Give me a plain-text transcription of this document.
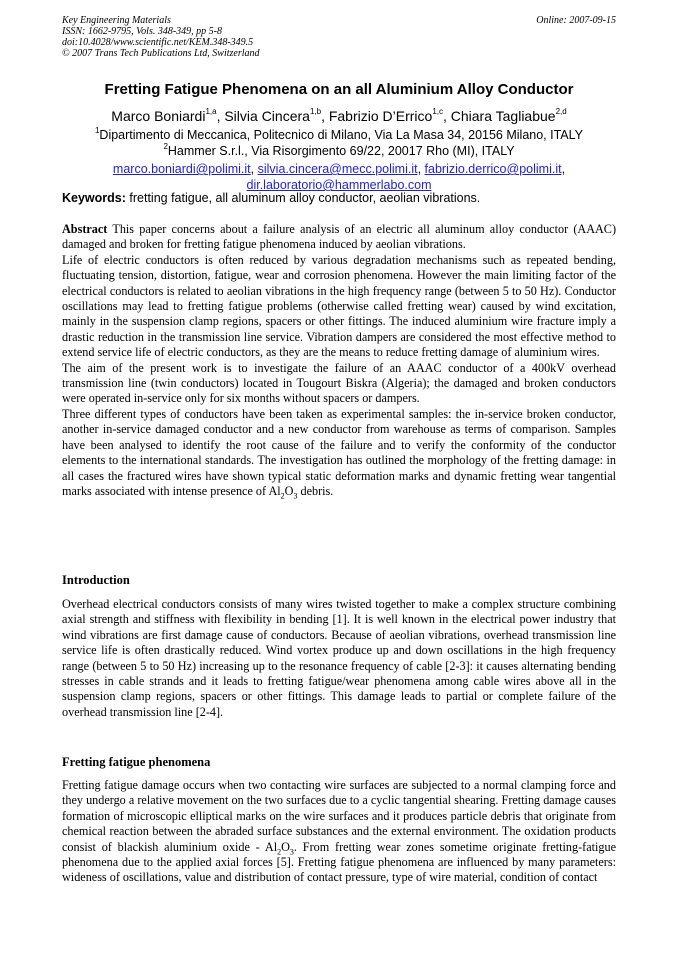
Key Engineering Materials
ISSN: 1662-9795, Vols. 348-349, pp 5-8
doi:10.4028/www.scientific.net/KEM.348-349.5
© 2007 Trans Tech Publications Ltd, Switzerland
Online: 2007-09-15
Fretting Fatigue Phenomena on an all Aluminium Alloy Conductor
Marco Boniardi$^{1,a}$, Silvia Cincera$^{1,b}$, Fabrizio D’Errico$^{1,c}$, Chiara Tagliabue$^{2,d}$
$^1$Dipartimento di Meccanica, Politecnico di Milano, Via La Masa 34, 20156 Milano, ITALY
$^2$Hammer S.r.l., Via Risorgimento 69/22, 20017 Rho (MI), ITALY
marco.boniardi@polimi.it, silvia.cincera@mecc.polimi.it, fabrizio.derrico@polimi.it,
dir.laboratorio@hammerlabo.com
Keywords: fretting fatigue, all aluminum alloy conductor, aeolian vibrations.

Abstract This paper concerns about a failure analysis of an electric all aluminum alloy conductor (AAAC) damaged and broken for fretting fatigue phenomena induced by aeolian vibrations.

Life of electric conductors is often reduced by various degradation mechanisms such as repeated bending, fluctuating tension, distortion, fatigue, wear and corrosion phenomena. However the main limiting factor of the electrical conductors is related to aeolian vibrations in the high frequency range (between 5 to 50 Hz). Conductor oscillations may lead to fretting fatigue problems (otherwise called fretting wear) caused by wind excitation, mainly in the suspension clamp regions, spacers or other fittings. The induced aluminium wire fracture imply a drastic reduction in the transmission line service. Vibration dampers are considered the most effective method to extend service life of electric conductors, as they are the means to reduce fretting damage of aluminium wires.

The aim of the present work is to investigate the failure of an AAAC conductor of a 400kV overhead transmission line (twin conductors) located in Tougourt Biskra (Algeria); the damaged and broken conductors were operated in-service only for six months without spacers or dampers.

Three different types of conductors have been taken as experimental samples: the in-service broken conductor, another in-service damaged conductor and a new conductor from warehouse as terms of comparison. Samples have been analysed to identify the root cause of the failure and to verify the conformity of the conductor elements to the international standards. The investigation has outlined the morphology of the fretting damage: in all cases the fractured wires have shown typical static deformation marks and dynamic fretting wear tangential marks associated with intense presence of $Al_2O_3$ debris.

Introduction

Overhead electrical conductors consists of many wires twisted together to make a complex structure combining axial strength and stiffness with flexibility in bending [1]. It is well known in the electrical power industry that wind vibrations are first damage cause of conductors. Because of aeolian vibrations, overhead transmission line service life is often drastically reduced. Wind vortex produce up and down oscillations in the high frequency range (between 5 to 50 Hz) increasing up to the resonance frequency of cable [2-3]: it causes alternating bending stresses in cable strands and it leads to fretting fatigue/wear phenomena among cable wires above all in the suspension clamp regions, spacers or other fittings. This damage leads to partial or complete failure of the overhead transmission line [2-4].

Fretting fatigue phenomena

Fretting fatigue damage occurs when two contacting wire surfaces are subjected to a normal clamping force and they undergo a relative movement on the two surfaces due to a cyclic tangential shearing. Fretting damage causes formation of microscopic elliptical marks on the wire surfaces and it produces particle debris that originate from chemical reaction between the abraded surface substances and the external environment. The oxidation products consist of blackish aluminium oxide - $Al_2O_3$. From fretting wear zones sometime originate fretting-fatigue phenomena due to the applied axial forces [5]. Fretting fatigue phenomena are influenced by many parameters: wideness of oscillations, value and distribution of contact pressure, type of wire material, condition of contact
